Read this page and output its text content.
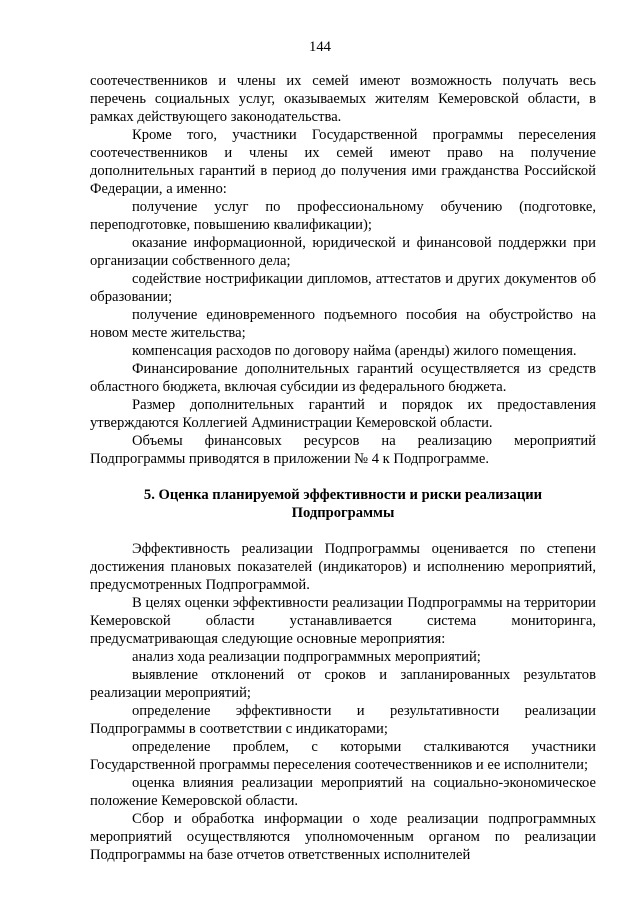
144

соотечественников и члены их семей имеют возможность получать весь перечень социальных услуг, оказываемых жителям Кемеровской области, в рамках действующего законодательства.

Кроме того, участники Государственной программы переселения соотечественников и члены их семей имеют право на получение дополнительных гарантий в период до получения ими гражданства Российской Федерации, а именно:

получение услуг по профессиональному обучению (подготовке, переподготовке, повышению квалификации);

оказание информационной, юридической и финансовой поддержки при организации собственного дела;

содействие нострификации дипломов, аттестатов и других документов об образовании;

получение единовременного подъемного пособия на обустройство на новом месте жительства;

компенсация расходов по договору найма (аренды) жилого помещения.

Финансирование дополнительных гарантий осуществляется из средств областного бюджета, включая субсидии из федерального бюджета.

Размер дополнительных гарантий и порядок их предоставления утверждаются Коллегией Администрации Кемеровской области.

Объемы финансовых ресурсов на реализацию мероприятий Подпрограммы приводятся в приложении № 4 к Подпрограмме.

5. Оценка планируемой эффективности и риски реализации Подпрограммы

Эффективность реализации Подпрограммы оценивается по степени достижения плановых показателей (индикаторов) и исполнению мероприятий, предусмотренных Подпрограммой.

В целях оценки эффективности реализации Подпрограммы на территории Кемеровской области устанавливается система мониторинга, предусматривающая следующие основные мероприятия:

анализ хода реализации подпрограммных мероприятий;

выявление отклонений от сроков и запланированных результатов реализации мероприятий;

определение эффективности и результативности реализации Подпрограммы в соответствии с индикаторами;

определение проблем, с которыми сталкиваются участники Государственной программы переселения соотечественников и ее исполнители;

оценка влияния реализации мероприятий на социально-экономическое положение Кемеровской области.

Сбор и обработка информации о ходе реализации подпрограммных мероприятий осуществляются уполномоченным органом по реализации Подпрограммы на базе отчетов ответственных исполнителей
